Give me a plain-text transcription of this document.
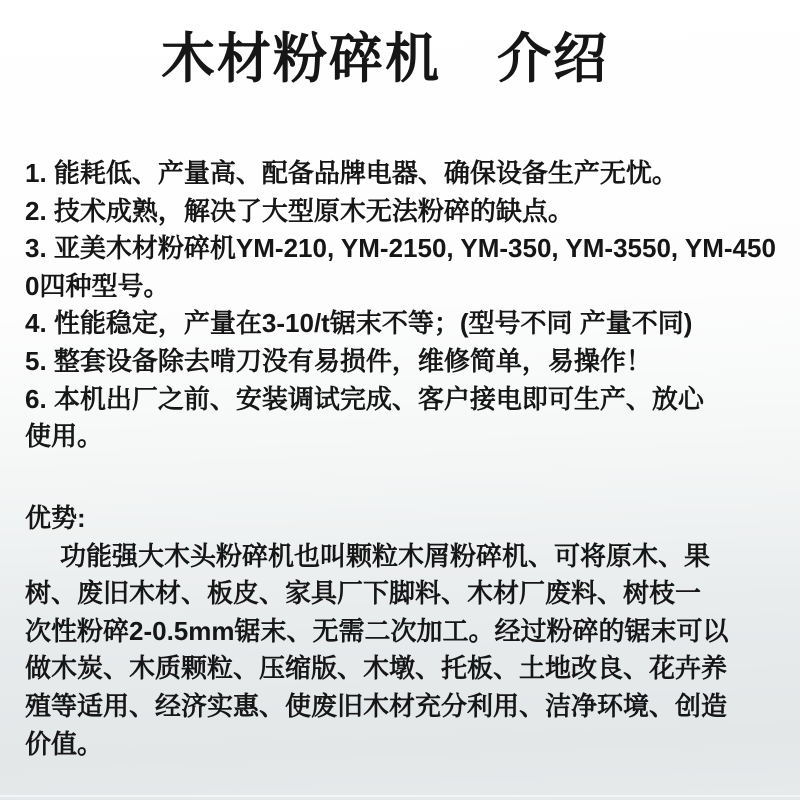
木材粉碎机　介绍
1. 能耗低、产量高、配备品牌电器、确保设备生产无忧。
2. 技术成熟，解决了大型原木无法粉碎的缺点。
3. 亚美木材粉碎机YM-210, YM-2150, YM-350, YM-3550, YM-450
0四种型号。
4. 性能稳定，产量在3-10/t锯末不等；(型号不同 产量不同)
5. 整套设备除去啃刀没有易损件，维修简单，易操作！
6. 本机出厂之前、安装调试完成、客户接电即可生产、放心
使用。
优势:
功能强大木头粉碎机也叫颗粒木屑粉碎机、可将原木、果
树、废旧木材、板皮、家具厂下脚料、木材厂废料、树枝一
次性粉碎2-0.5mm锯末、无需二次加工。经过粉碎的锯末可以
做木炭、木质颗粒、压缩版、木墩、托板、土地改良、花卉养
殖等适用、经济实惠、使废旧木材充分利用、洁净环境、创造
价值。
